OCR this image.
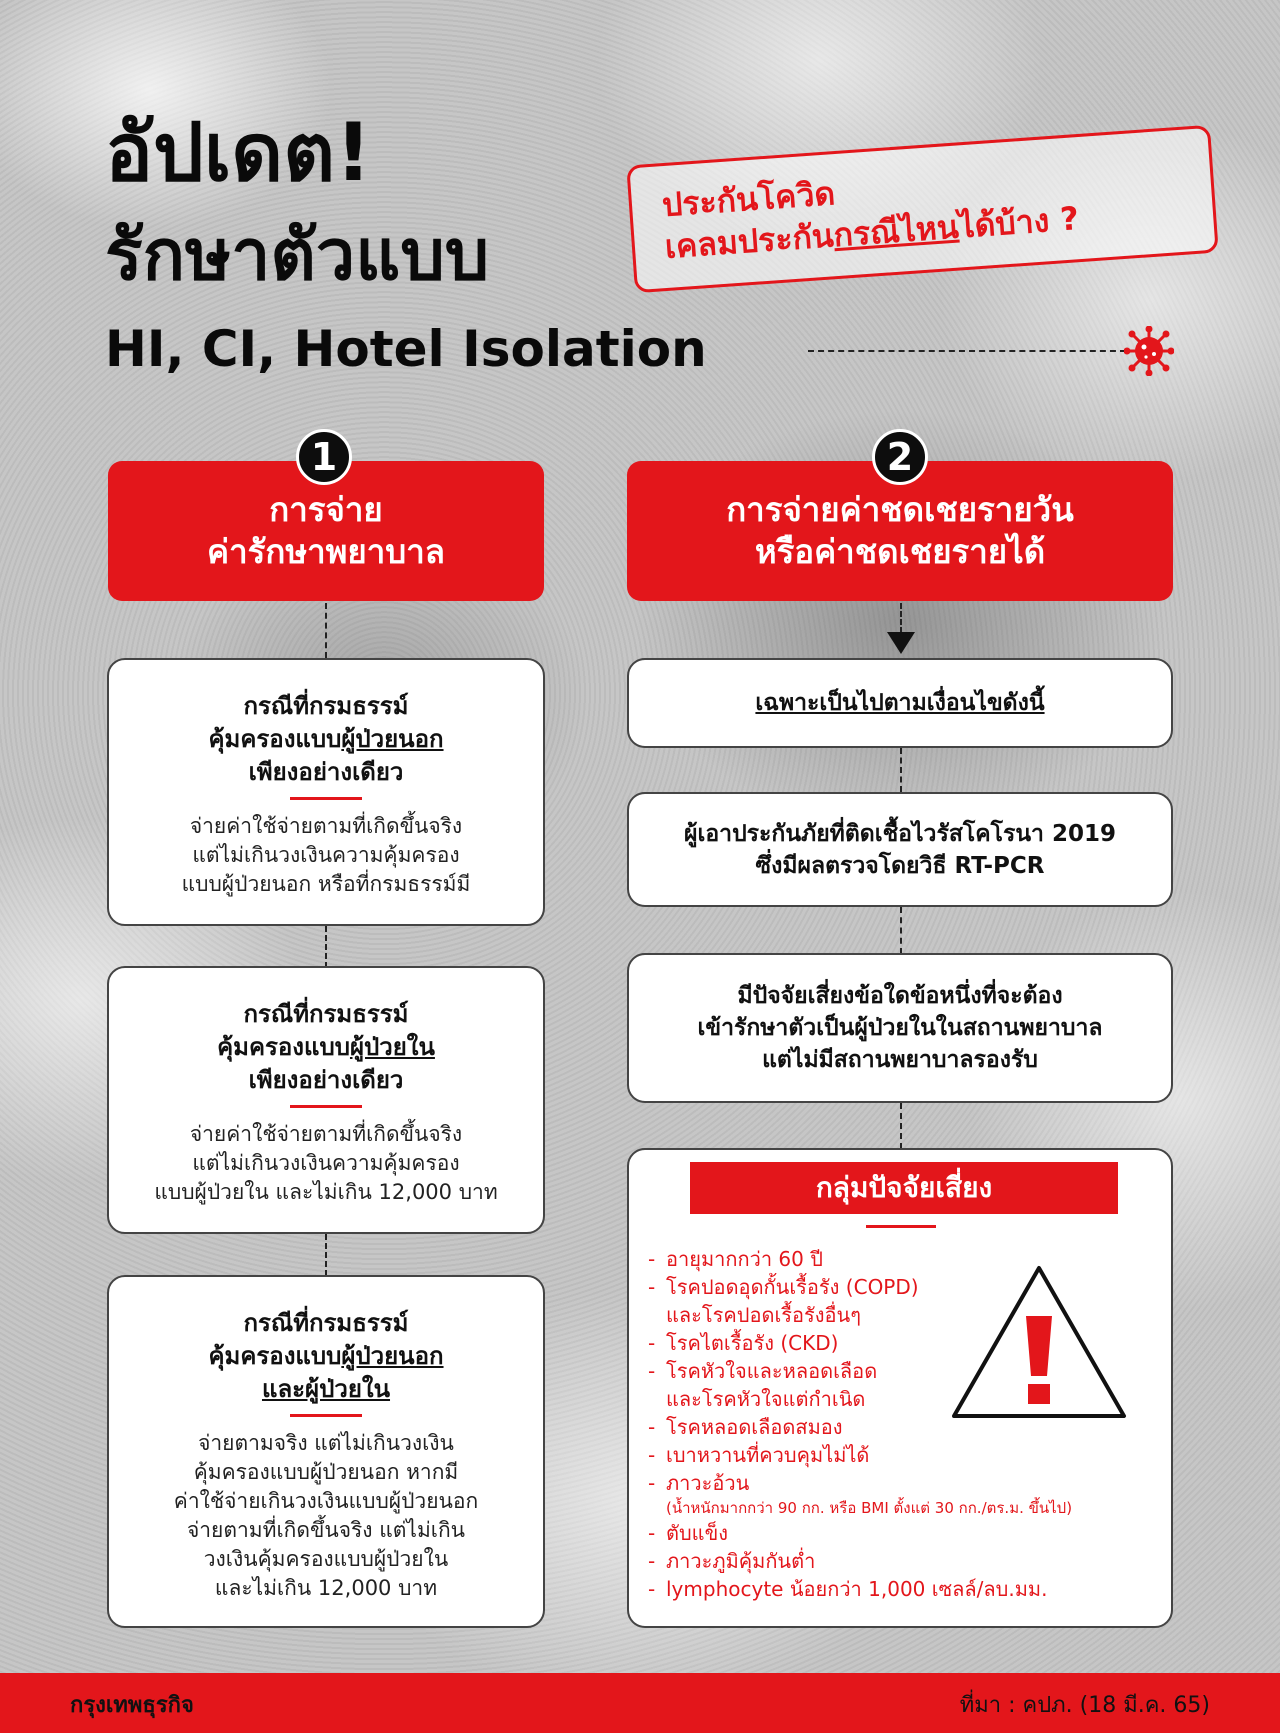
อัปเดต!
รักษาตัวแบบ
HI, CI, Hotel Isolation
ประกันโควิด
เคลมประกันกรณีไหนได้บ้าง ?
การจ่าย
ค่ารักษาพยาบาล
1
กรณีที่กรมธรรม์
คุ้มครองแบบผู้ป่วยนอก
เพียงอย่างเดียว
จ่ายค่าใช้จ่ายตามที่เกิดขึ้นจริง
แต่ไม่เกินวงเงินความคุ้มครอง
แบบผู้ป่วยนอก หรือที่กรมธรรม์มี
กรณีที่กรมธรรม์
คุ้มครองแบบผู้ป่วยใน
เพียงอย่างเดียว
จ่ายค่าใช้จ่ายตามที่เกิดขึ้นจริง
แต่ไม่เกินวงเงินความคุ้มครอง
แบบผู้ป่วยใน และไม่เกิน 12,000 บาท
กรณีที่กรมธรรม์
คุ้มครองแบบผู้ป่วยนอก
และผู้ป่วยใน
จ่ายตามจริง แต่ไม่เกินวงเงิน
คุ้มครองแบบผู้ป่วยนอก หากมี
ค่าใช้จ่ายเกินวงเงินแบบผู้ป่วยนอก
จ่ายตามที่เกิดขึ้นจริง แต่ไม่เกิน
วงเงินคุ้มครองแบบผู้ป่วยใน
และไม่เกิน 12,000 บาท
การจ่ายค่าชดเชยรายวัน
หรือค่าชดเชยรายได้
2
เฉพาะเป็นไปตามเงื่อนไขดังนี้
ผู้เอาประกันภัยที่ติดเชื้อไวรัสโคโรนา 2019
ซึ่งมีผลตรวจโดยวิธี RT-PCR
มีปัจจัยเสี่ยงข้อใดข้อหนึ่งที่จะต้อง
เข้ารักษาตัวเป็นผู้ป่วยในในสถานพยาบาล
แต่ไม่มีสถานพยาบาลรองรับ
กลุ่มปัจจัยเสี่ยง
- อายุมากกว่า 60 ปี
- โรคปอดอุดกั้นเรื้อรัง (COPD)
และโรคปอดเรื้อรังอื่นๆ
- โรคไตเรื้อรัง (CKD)
- โรคหัวใจและหลอดเลือด
และโรคหัวใจแต่กำเนิด
- โรคหลอดเลือดสมอง
- เบาหวานที่ควบคุมไม่ได้
- ภาวะอ้วน
(น้ำหนักมากกว่า 90 กก. หรือ BMI ตั้งแต่ 30 กก./ตร.ม. ขึ้นไป)
- ตับแข็ง
- ภาวะภูมิคุ้มกันต่ำ
- lymphocyte น้อยกว่า 1,000 เซลล์/ลบ.มม.
กรุงเทพธุรกิจ	ที่มา : คปภ. (18 มี.ค. 65)
